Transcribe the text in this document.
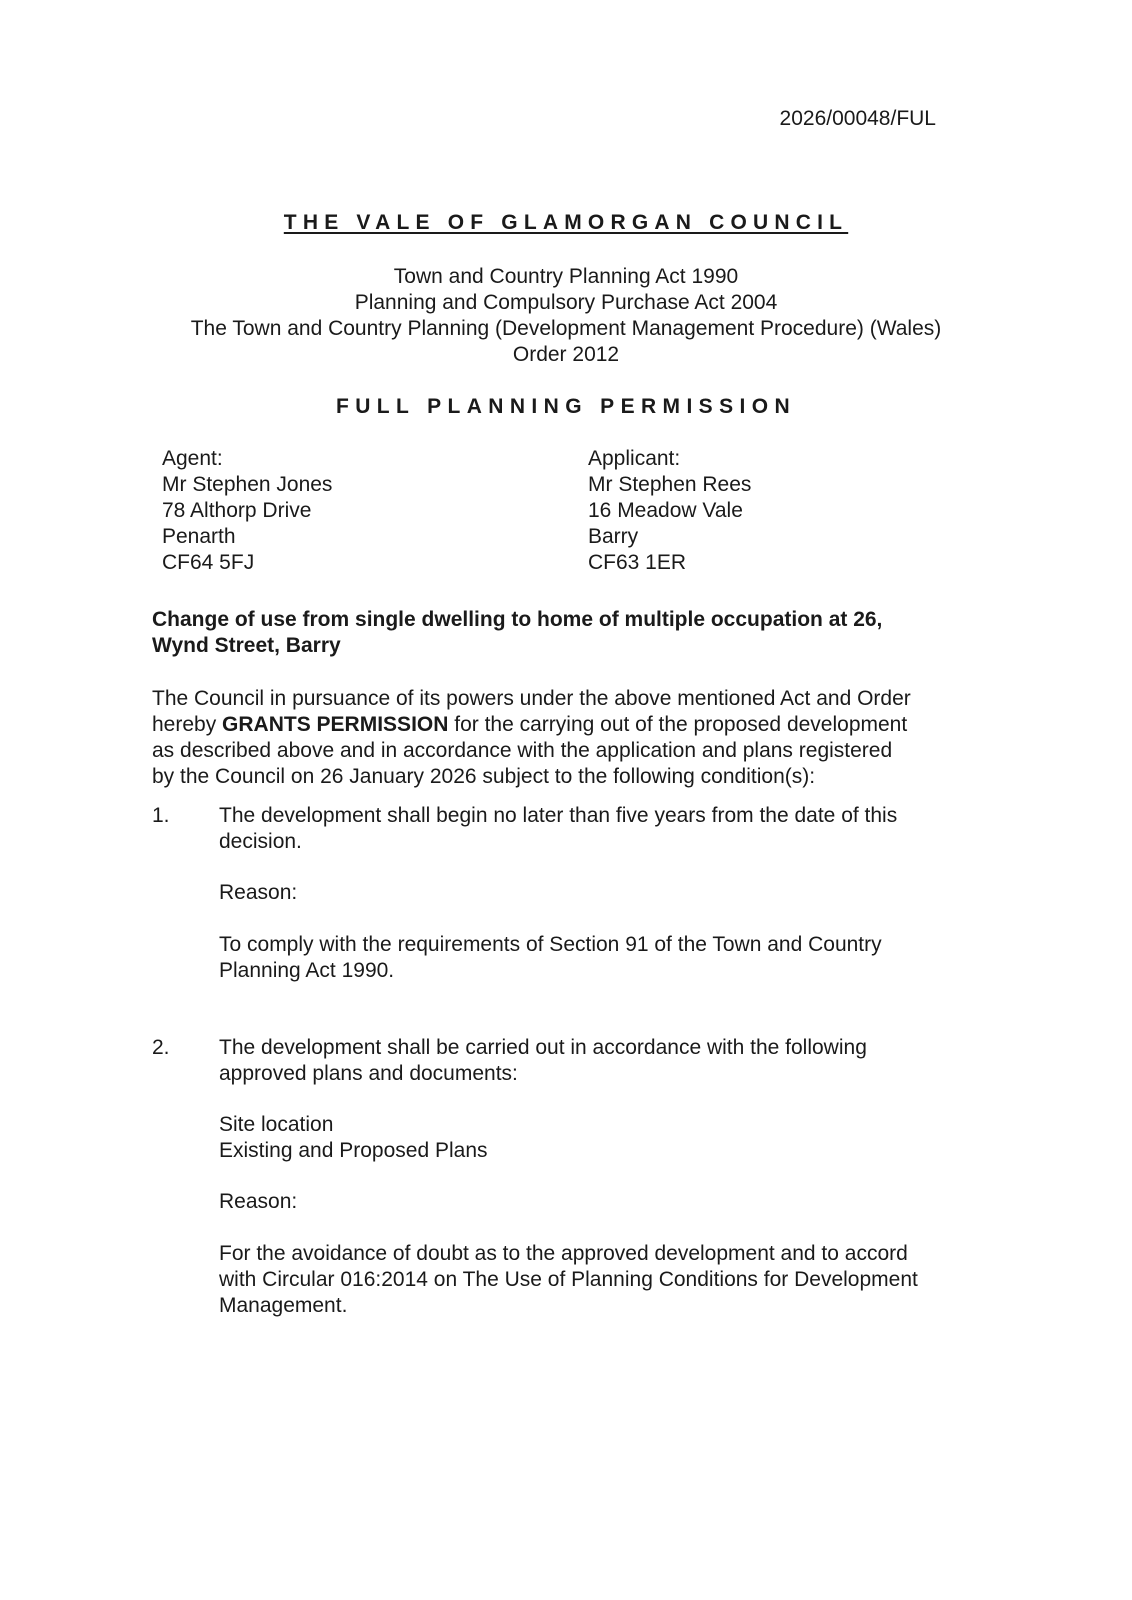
2026/00048/FUL
THE VALE OF GLAMORGAN COUNCIL
Town and Country Planning Act 1990
Planning and Compulsory Purchase Act 2004
The Town and Country Planning (Development Management Procedure) (Wales)
Order 2012
FULL PLANNING PERMISSION
Agent:
Mr Stephen Jones
78 Althorp Drive
Penarth
CF64 5FJ
Applicant:
Mr Stephen Rees
16 Meadow Vale
Barry
CF63 1ER
Change of use from single dwelling to home of multiple occupation at 26,
Wynd Street, Barry
The Council in pursuance of its powers under the above mentioned Act and Order
hereby GRANTS PERMISSION for the carrying out of the proposed development
as described above and in accordance with the application and plans registered
by the Council on 26 January 2026 subject to the following condition(s):
1. The development shall begin no later than five years from the date of this
decision.
Reason:
To comply with the requirements of Section 91 of the Town and Country
Planning Act 1990.
2. The development shall be carried out in accordance with the following
approved plans and documents:
Site location
Existing and Proposed Plans
Reason:
For the avoidance of doubt as to the approved development and to accord
with Circular 016:2014 on The Use of Planning Conditions for Development
Management.
